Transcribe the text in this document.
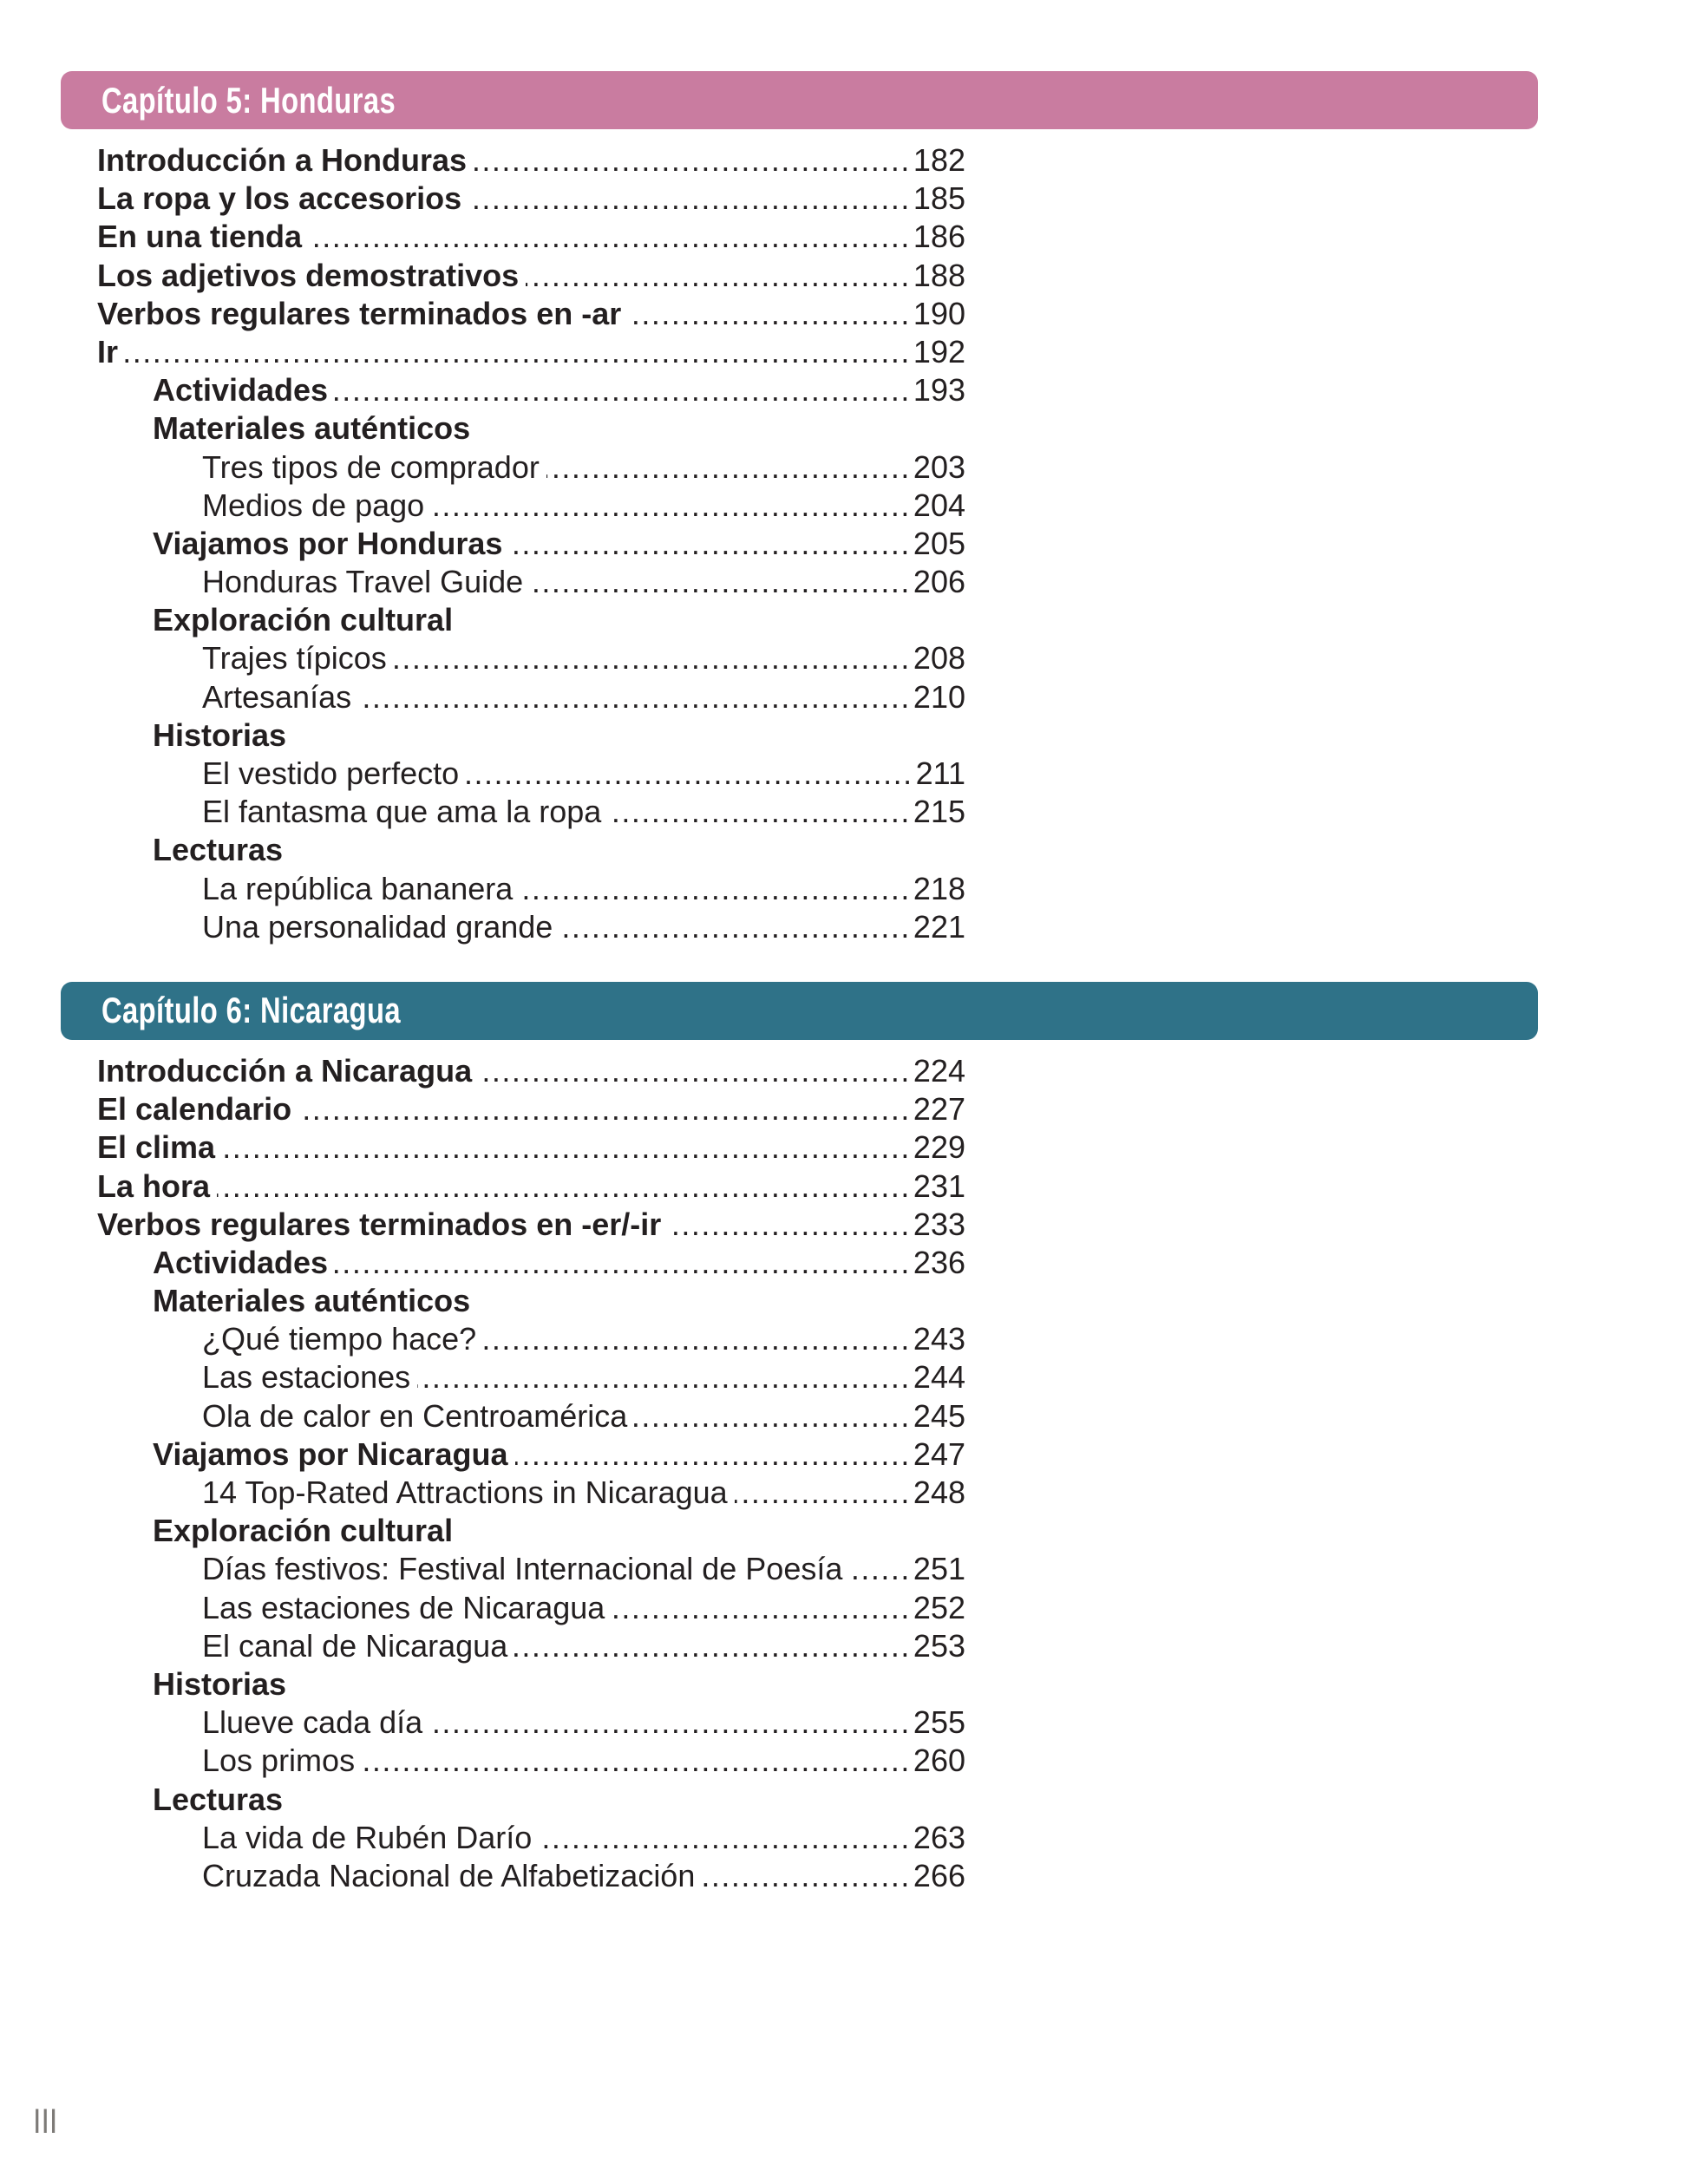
Capítulo 5: Honduras
Introducción a Honduras .....	182
La ropa y los accesorios .....	185
En una tienda .....	186
Los adjetivos demostrativos .....	188
Verbos regulares terminados en -ar .....	190
Ir .....	192
Actividades .....	193
Materiales auténticos
Tres tipos de comprador .....	203
Medios de pago .....	204
Viajamos por Honduras .....	205
Honduras Travel Guide .....	206
Exploración cultural
Trajes típicos .....	208
Artesanías .....	210
Historias
El vestido perfecto .....	211
El fantasma que ama la ropa .....	215
Lecturas
La república bananera .....	218
Una personalidad grande .....	221
Capítulo 6: Nicaragua
Introducción a Nicaragua .....	224
El calendario .....	227
El clima .....	229
La hora .....	231
Verbos regulares terminados en -er/-ir .....	233
Actividades .....	236
Materiales auténticos
¿Qué tiempo hace? .....	243
Las estaciones .....	244
Ola de calor en Centroamérica .....	245
Viajamos por Nicaragua .....	247
14 Top-Rated Attractions in Nicaragua .....	248
Exploración cultural
Días festivos: Festival Internacional de Poesía ..... 251
Las estaciones de Nicaragua .....	252
El canal de Nicaragua .....	253
Historias
Llueve cada día .....	255
Los primos .....	260
Lecturas
La vida de Rubén Darío .....	263
Cruzada Nacional de Alfabetización .....	266
III
